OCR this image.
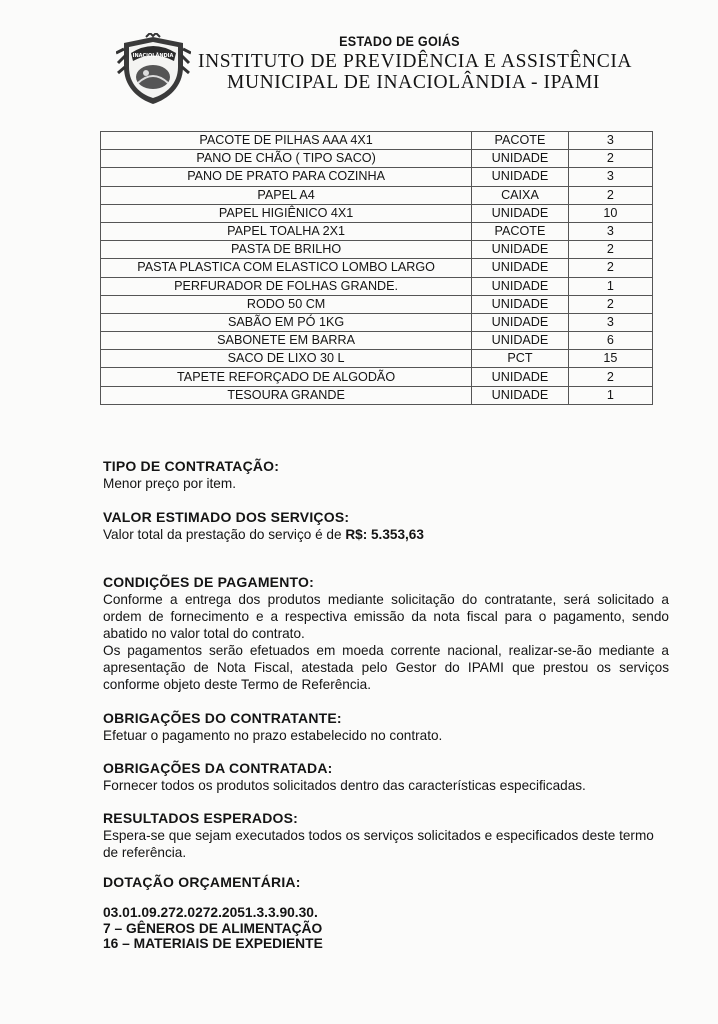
INACIOLÂNDIA
ESTADO DE GOIÁS
INSTITUTO DE PREVIDÊNCIA E ASSISTÊNCIA
MUNICIPAL DE INACIOLÂNDIA - IPAMI
PACOTE DE PILHAS AAA 4X1	PACOTE	3
PANO DE CHÃO ( TIPO SACO)	UNIDADE	2
PANO DE PRATO PARA COZINHA	UNIDADE	3
PAPEL A4	CAIXA	2
PAPEL HIGIÊNICO 4X1	UNIDADE	10
PAPEL TOALHA 2X1	PACOTE	3
PASTA DE BRILHO	UNIDADE	2
PASTA PLASTICA COM ELASTICO LOMBO LARGO	UNIDADE	2
PERFURADOR DE FOLHAS GRANDE.	UNIDADE	1
RODO 50 CM	UNIDADE	2
SABÃO EM PÓ 1KG	UNIDADE	3
SABONETE EM BARRA	UNIDADE	6
SACO DE LIXO 30 L	PCT	15
TAPETE REFORÇADO DE ALGODÃO	UNIDADE	2
TESOURA GRANDE	UNIDADE	1
TIPO DE CONTRATAÇÃO:
Menor preço por item.
VALOR ESTIMADO DOS SERVIÇOS:
Valor total da prestação do serviço é de R$: 5.353,63
CONDIÇÕES DE PAGAMENTO:
Conforme a entrega dos produtos mediante solicitação do contratante, será solicitado a ordem de fornecimento e a respectiva emissão da nota fiscal para o pagamento, sendo abatido no valor total do contrato.
Os pagamentos serão efetuados em moeda corrente nacional, realizar-se-ão mediante a apresentação de Nota Fiscal, atestada pelo Gestor do IPAMI que prestou os serviços conforme objeto deste Termo de Referência.
OBRIGAÇÕES DO CONTRATANTE:
Efetuar o pagamento no prazo estabelecido no contrato.
OBRIGAÇÕES DA CONTRATADA:
Fornecer todos os produtos solicitados dentro das características especificadas.
RESULTADOS ESPERADOS:
Espera-se que sejam executados todos os serviços solicitados e especificados deste termo de referência.
DOTAÇÃO ORÇAMENTÁRIA:
03.01.09.272.0272.2051.3.3.90.30.
7 – GÊNEROS DE ALIMENTAÇÃO
16 – MATERIAIS DE EXPEDIENTE
